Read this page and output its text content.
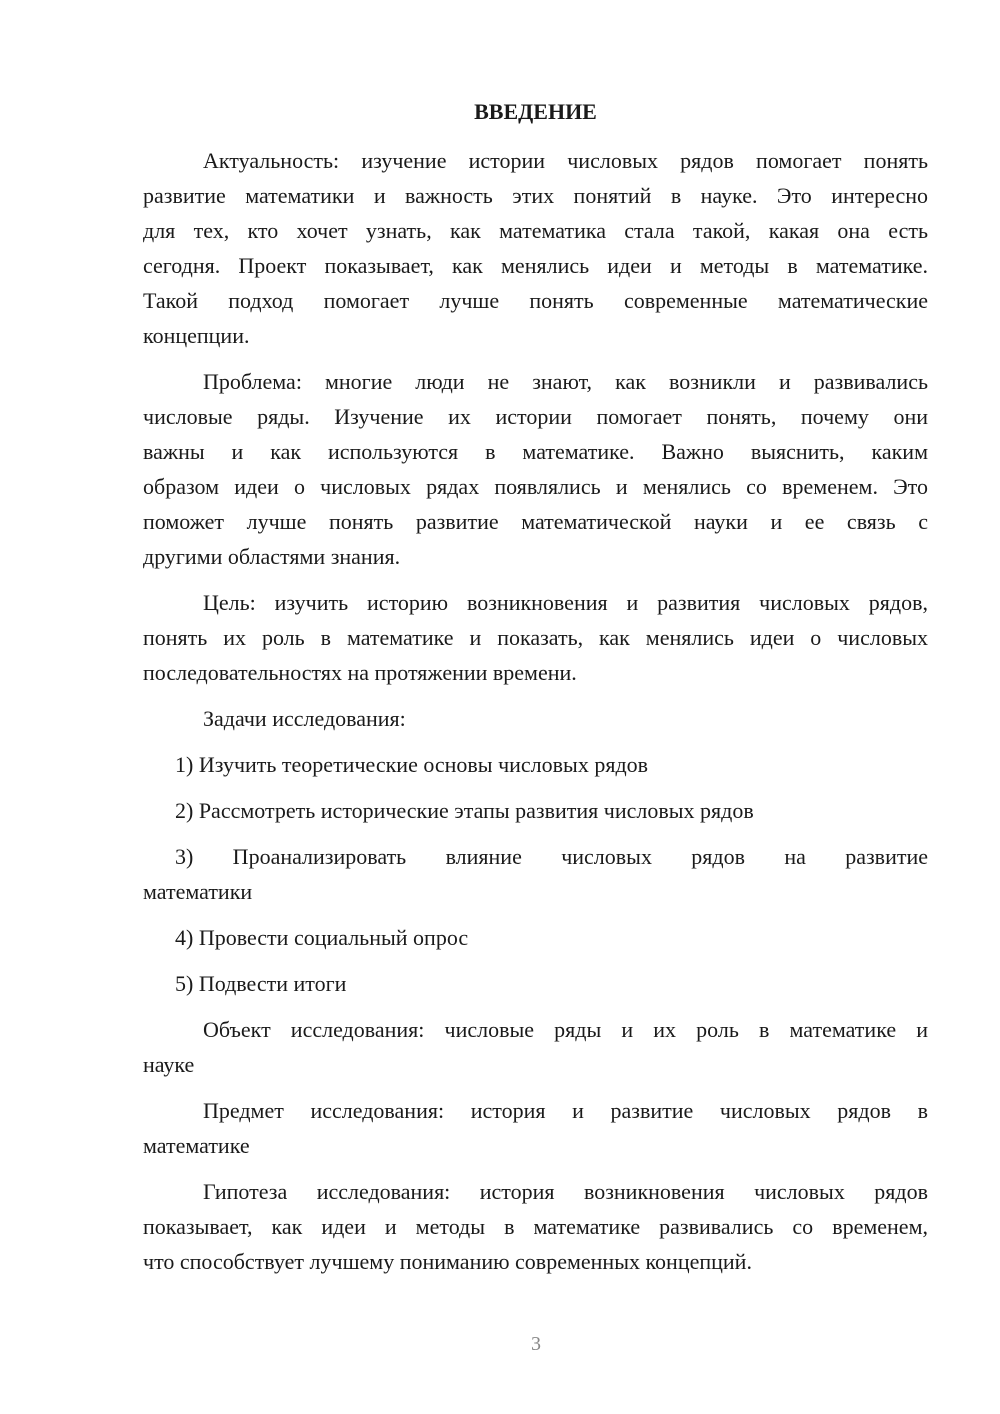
ВВЕДЕНИЕ
Актуальность: изучение истории числовых рядов помогает понять
развитие математики и важность этих понятий в науке. Это интересно
для тех, кто хочет узнать, как математика стала такой, какая она есть
сегодня. Проект показывает, как менялись идеи и методы в математике.
Такой подход помогает лучше понять современные математические
концепции.
Проблема: многие люди не знают, как возникли и развивались
числовые ряды. Изучение их истории помогает понять, почему они
важны и как используются в математике. Важно выяснить, каким
образом идеи о числовых рядах появлялись и менялись со временем. Это
поможет лучше понять развитие математической науки и ее связь с
другими областями знания.
Цель: изучить историю возникновения и развития числовых рядов,
понять их роль в математике и показать, как менялись идеи о числовых
последовательностях на протяжении времени.
Задачи исследования:
1) Изучить теоретические основы числовых рядов
2) Рассмотреть исторические этапы развития числовых рядов
3) Проанализировать влияние числовых рядов на развитие
математики
4) Провести социальный опрос
5) Подвести итоги
Объект исследования: числовые ряды и их роль в математике и
науке
Предмет исследования: история и развитие числовых рядов в
математике
Гипотеза исследования: история возникновения числовых рядов
показывает, как идеи и методы в математике развивались со временем,
что способствует лучшему пониманию современных концепций.
3
